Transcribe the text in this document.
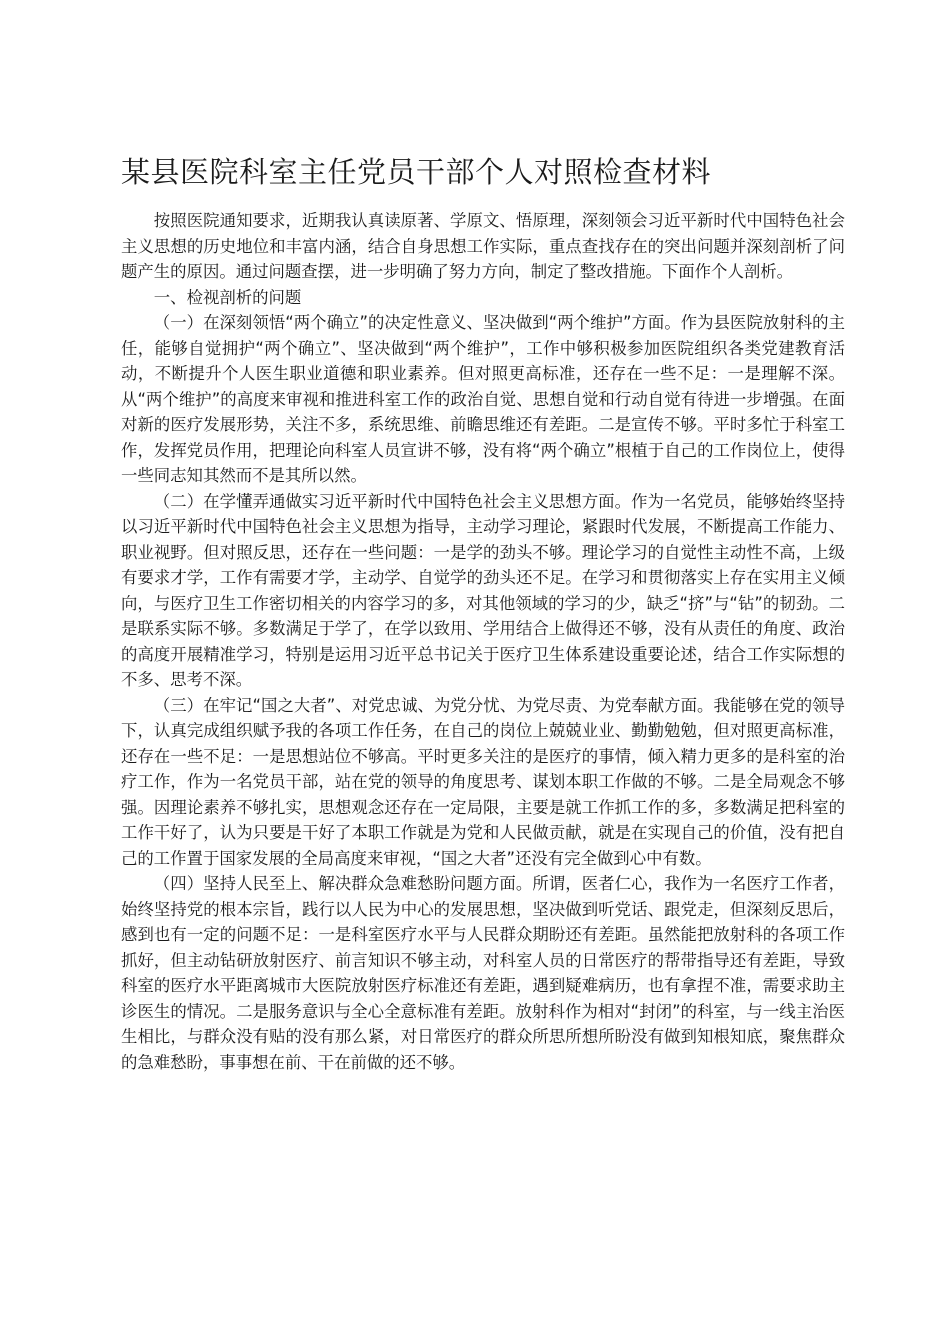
某县医院科室主任党员干部个人对照检查材料

按照医院通知要求，近期我认真读原著、学原文、悟原理，深刻领会习近平新时代中国特色社会主义思想的历史地位和丰富内涵，结合自身思想工作实际，重点查找存在的突出问题并深刻剖析了问题产生的原因。通过问题查摆，进一步明确了努力方向，制定了整改措施。下面作个人剖析。

一、检视剖析的问题

（一）在深刻领悟“两个确立”的决定性意义、坚决做到“两个维护”方面。作为县医院放射科的主任，能够自觉拥护“两个确立”、坚决做到“两个维护”，工作中够积极参加医院组织各类党建教育活动，不断提升个人医生职业道德和职业素养。但对照更高标准，还存在一些不足：一是理解不深。从“两个维护”的高度来审视和推进科室工作的政治自觉、思想自觉和行动自觉有待进一步增强。在面对新的医疗发展形势，关注不多，系统思维、前瞻思维还有差距。二是宣传不够。平时多忙于科室工作，发挥党员作用，把理论向科室人员宣讲不够，没有将“两个确立”根植于自己的工作岗位上，使得一些同志知其然而不是其所以然。

（二）在学懂弄通做实习近平新时代中国特色社会主义思想方面。作为一名党员，能够始终坚持以习近平新时代中国特色社会主义思想为指导，主动学习理论，紧跟时代发展，不断提高工作能力、职业视野。但对照反思，还存在一些问题：一是学的劲头不够。理论学习的自觉性主动性不高，上级有要求才学，工作有需要才学，主动学、自觉学的劲头还不足。在学习和贯彻落实上存在实用主义倾向，与医疗卫生工作密切相关的内容学习的多，对其他领域的学习的少，缺乏“挤”与“钻”的韧劲。二是联系实际不够。多数满足于学了，在学以致用、学用结合上做得还不够，没有从责任的角度、政治的高度开展精准学习，特别是运用习近平总书记关于医疗卫生体系建设重要论述，结合工作实际想的不多、思考不深。

（三）在牢记“国之大者”、对党忠诚、为党分忧、为党尽责、为党奉献方面。我能够在党的领导下，认真完成组织赋予我的各项工作任务，在自己的岗位上兢兢业业、勤勤勉勉，但对照更高标准，还存在一些不足：一是思想站位不够高。平时更多关注的是医疗的事情，倾入精力更多的是科室的治疗工作，作为一名党员干部，站在党的领导的角度思考、谋划本职工作做的不够。二是全局观念不够强。因理论素养不够扎实，思想观念还存在一定局限，主要是就工作抓工作的多，多数满足把科室的工作干好了，认为只要是干好了本职工作就是为党和人民做贡献，就是在实现自己的价值，没有把自己的工作置于国家发展的全局高度来审视，“国之大者”还没有完全做到心中有数。

（四）坚持人民至上、解决群众急难愁盼问题方面。所谓，医者仁心，我作为一名医疗工作者，始终坚持党的根本宗旨，践行以人民为中心的发展思想，坚决做到听党话、跟党走，但深刻反思后，感到也有一定的问题不足：一是科室医疗水平与人民群众期盼还有差距。虽然能把放射科的各项工作抓好，但主动钻研放射医疗、前言知识不够主动，对科室人员的日常医疗的帮带指导还有差距，导致科室的医疗水平距离城市大医院放射医疗标准还有差距，遇到疑难病历，也有拿捏不准，需要求助主诊医生的情况。二是服务意识与全心全意标准有差距。放射科作为相对“封闭”的科室，与一线主治医生相比，与群众没有贴的没有那么紧，对日常医疗的群众所思所想所盼没有做到知根知底，聚焦群众的急难愁盼，事事想在前、干在前做的还不够。
